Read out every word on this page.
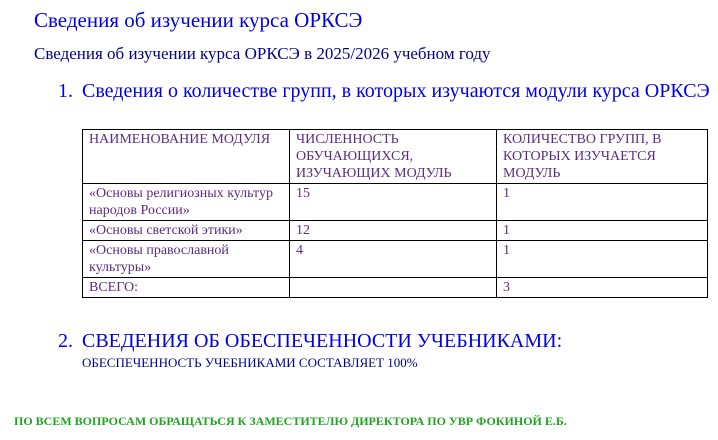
Сведения об изучении курса ОРКСЭ
Сведения об изучении курса ОРКСЭ в 2025/2026 учебном году
1. Сведения о количестве групп, в которых изучаются модули курса ОРКСЭ
НАИМЕНОВАНИЕ МОДУЛЯ	ЧИСЛЕННОСТЬ ОБУЧАЮЩИХСЯ, ИЗУЧАЮЩИХ МОДУЛЬ	КОЛИЧЕСТВО ГРУПП, В КОТОРЫХ ИЗУЧАЕТСЯ МОДУЛЬ
«Основы религиозных культур народов России»	15	1
«Основы светской этики»	12	1
«Основы православной культуры»	4	1
ВСЕГО:		3
2. СВЕДЕНИЯ ОБ ОБЕСПЕЧЕННОСТИ УЧЕБНИКАМИ:
ОБЕСПЕЧЕННОСТЬ УЧЕБНИКАМИ СОСТАВЛЯЕТ 100%
ПО ВСЕМ ВОПРОСАМ ОБРАЩАТЬСЯ К ЗАМЕСТИТЕЛЮ ДИРЕКТОРА ПО УВР ФОКИНОЙ Е.Б.
